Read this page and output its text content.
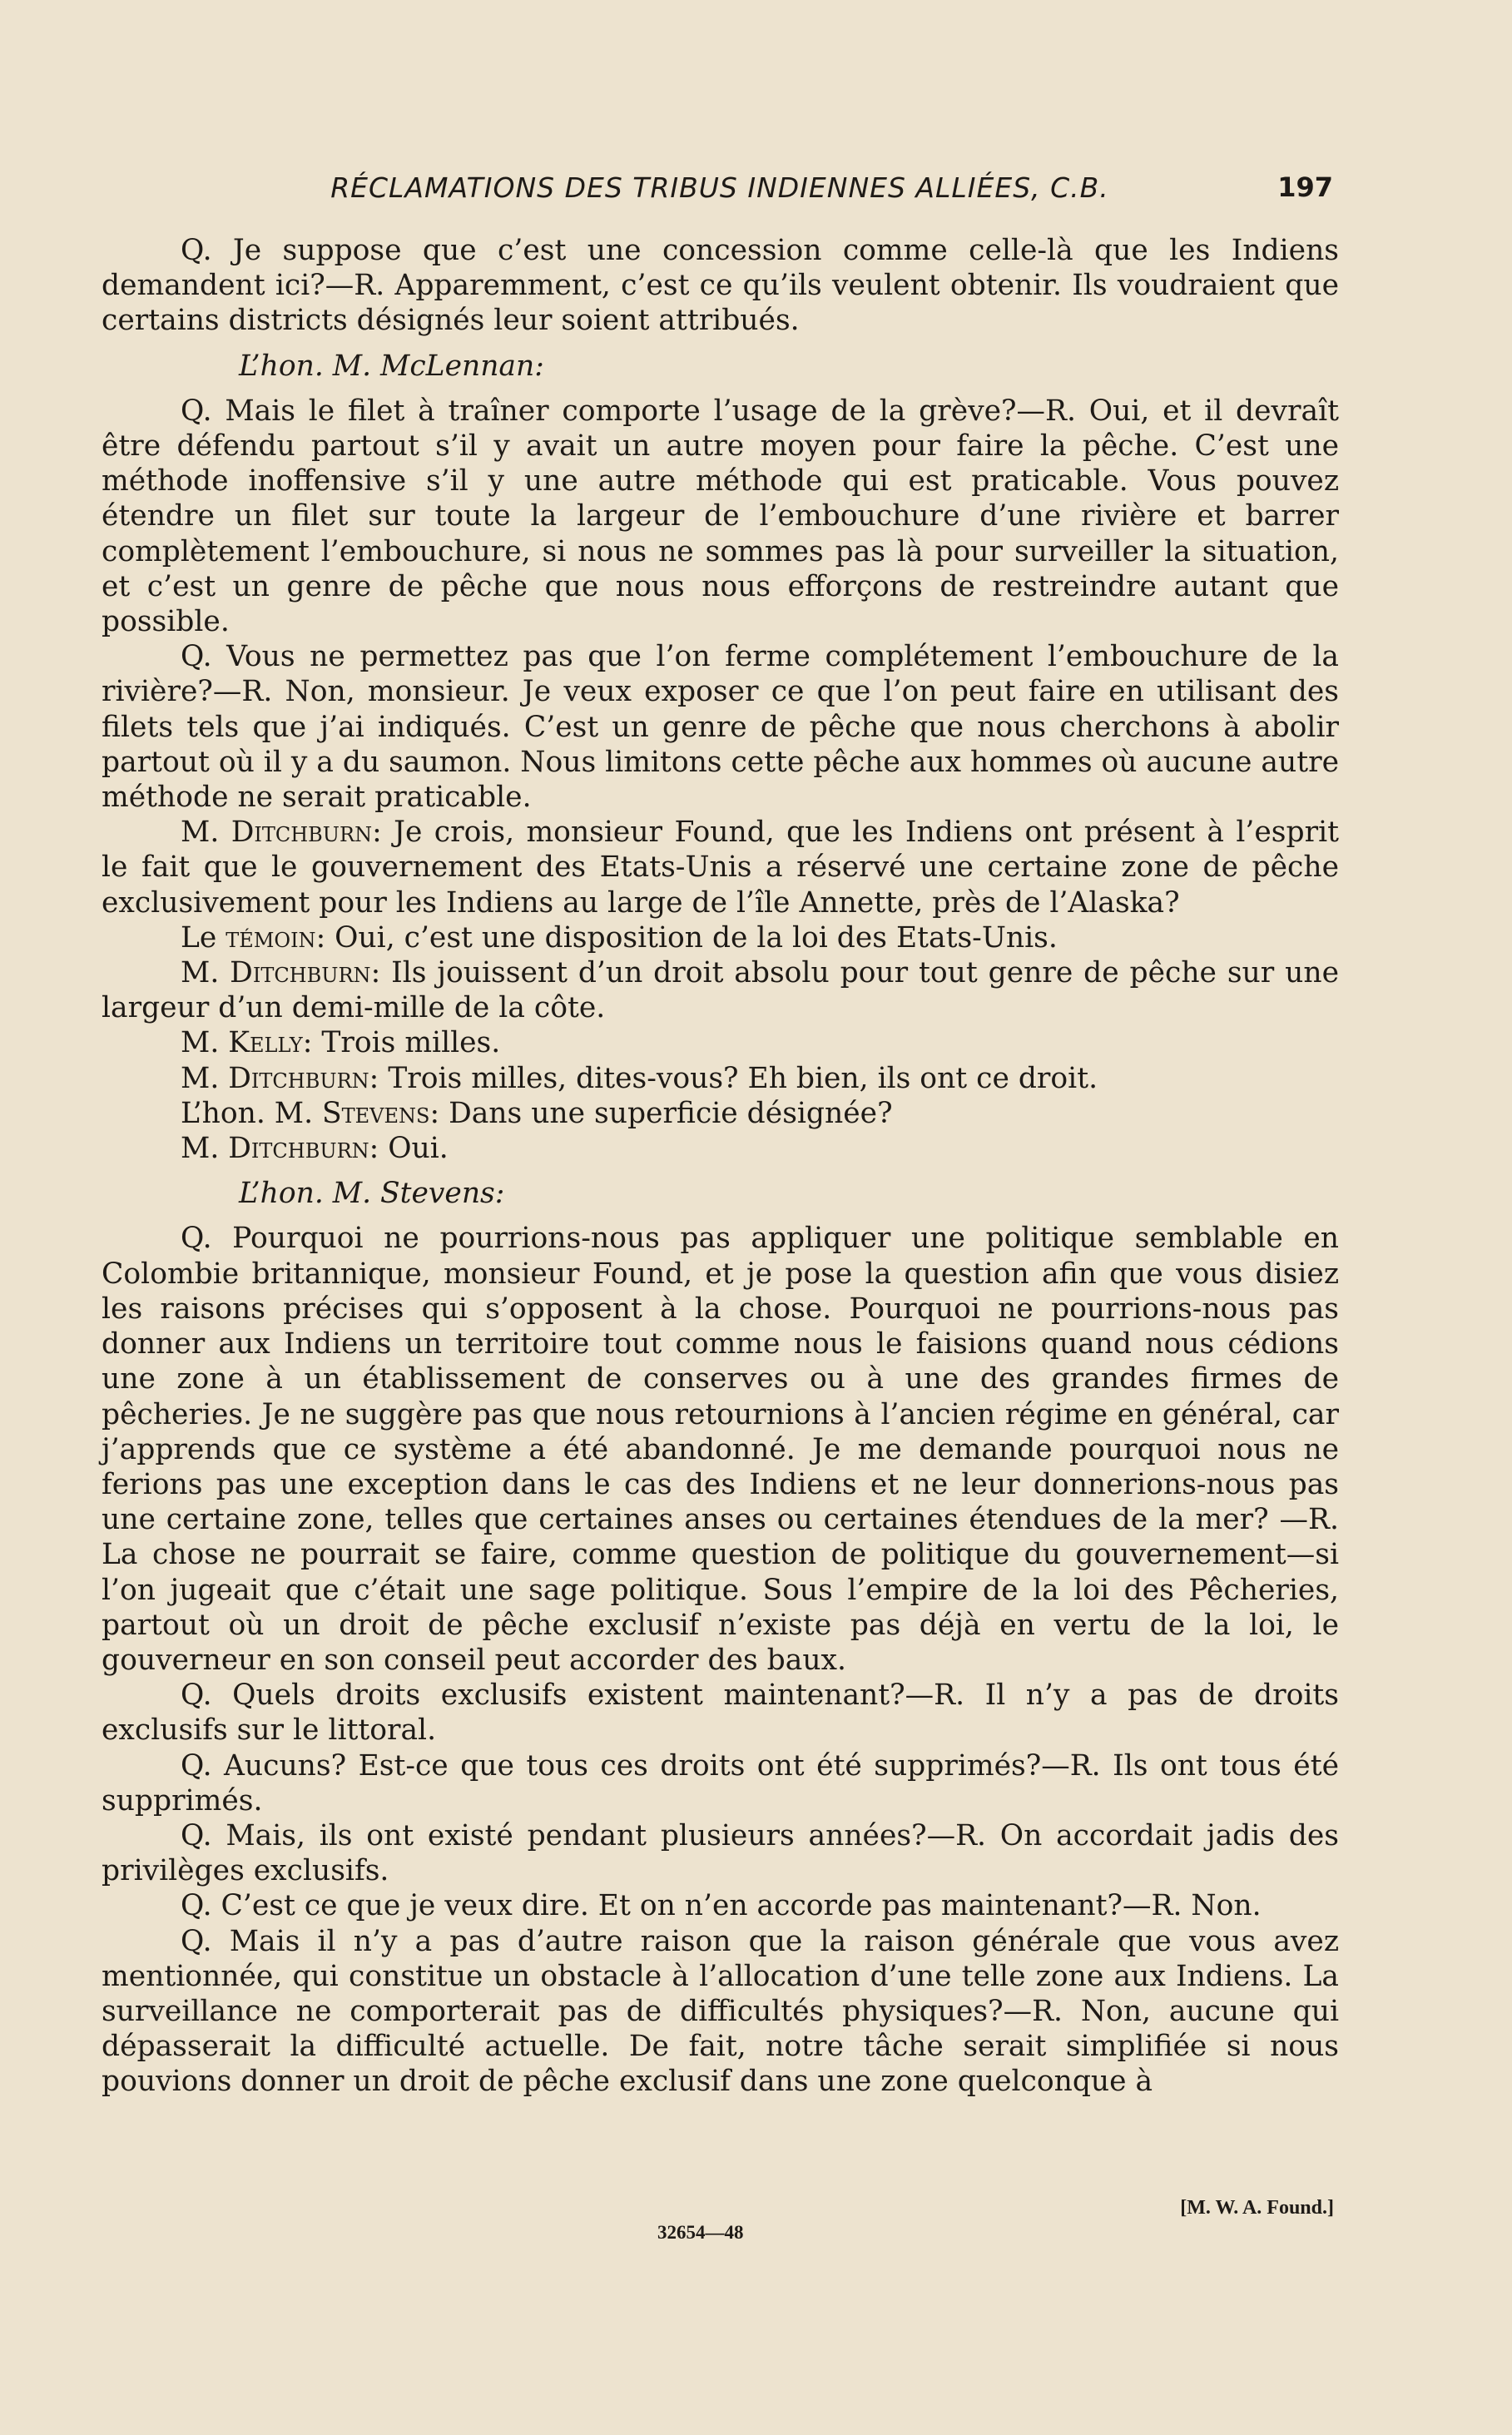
RÉCLAMATIONS DES TRIBUS INDIENNES ALLIÉES, C.B.	197

Q. Je suppose que c’est une concession comme celle-là que les Indiens demandent ici?—R. Apparemment, c’est ce qu’ils veulent obtenir. Ils voudraient que certains districts désignés leur soient attribués.

L’hon. M. McLennan:

Q. Mais le filet à traîner comporte l’usage de la grève?—R. Oui, et il devraît être défendu partout s’il y avait un autre moyen pour faire la pêche. C’est une méthode inoffensive s’il y une autre méthode qui est praticable. Vous pouvez étendre un filet sur toute la largeur de l’embouchure d’une rivière et barrer complètement l’embouchure, si nous ne sommes pas là pour surveiller la situation, et c’est un genre de pêche que nous nous efforçons de restreindre autant que possible.

Q. Vous ne permettez pas que l’on ferme complétement l’embouchure de la rivière?—R. Non, monsieur. Je veux exposer ce que l’on peut faire en utilisant des filets tels que j’ai indiqués. C’est un genre de pêche que nous cherchons à abolir partout où il y a du saumon. Nous limitons cette pêche aux hommes où aucune autre méthode ne serait praticable.

M. Ditchburn: Je crois, monsieur Found, que les Indiens ont présent à l’esprit le fait que le gouvernement des Etats-Unis a réservé une certaine zone de pêche exclusivement pour les Indiens au large de l’île Annette, près de l’Alaska?

Le témoin: Oui, c’est une disposition de la loi des Etats-Unis.

M. Ditchburn: Ils jouissent d’un droit absolu pour tout genre de pêche sur une largeur d’un demi-mille de la côte.

M. Kelly: Trois milles.

M. Ditchburn: Trois milles, dites-vous? Eh bien, ils ont ce droit.

L’hon. M. Stevens: Dans une superficie désignée?

M. Ditchburn: Oui.

L’hon. M. Stevens:

Q. Pourquoi ne pourrions-nous pas appliquer une politique semblable en Colombie britannique, monsieur Found, et je pose la question afin que vous disiez les raisons précises qui s’opposent à la chose. Pourquoi ne pourrions-nous pas donner aux Indiens un territoire tout comme nous le faisions quand nous cédions une zone à un établissement de conserves ou à une des grandes firmes de pêcheries. Je ne suggère pas que nous retournions à l’ancien régime en général, car j’apprends que ce système a été abandonné. Je me demande pourquoi nous ne ferions pas une exception dans le cas des Indiens et ne leur donnerions-nous pas une certaine zone, telles que certaines anses ou certaines étendues de la mer? —R. La chose ne pourrait se faire, comme question de politique du gouvernement—si l’on jugeait que c’était une sage politique. Sous l’empire de la loi des Pêcheries, partout où un droit de pêche exclusif n’existe pas déjà en vertu de la loi, le gouverneur en son conseil peut accorder des baux.

Q. Quels droits exclusifs existent maintenant?—R. Il n’y a pas de droits exclusifs sur le littoral.

Q. Aucuns? Est-ce que tous ces droits ont été supprimés?—R. Ils ont tous été supprimés.

Q. Mais, ils ont existé pendant plusieurs années?—R. On accordait jadis des privilèges exclusifs.

Q. C’est ce que je veux dire. Et on n’en accorde pas maintenant?—R. Non.

Q. Mais il n’y a pas d’autre raison que la raison générale que vous avez mentionnée, qui constitue un obstacle à l’allocation d’une telle zone aux Indiens. La surveillance ne comporterait pas de difficultés physiques?—R. Non, aucune qui dépasserait la difficulté actuelle. De fait, notre tâche serait simplifiée si nous pouvions donner un droit de pêche exclusif dans une zone quelconque à

[M. W. A. Found.]
32654—48
